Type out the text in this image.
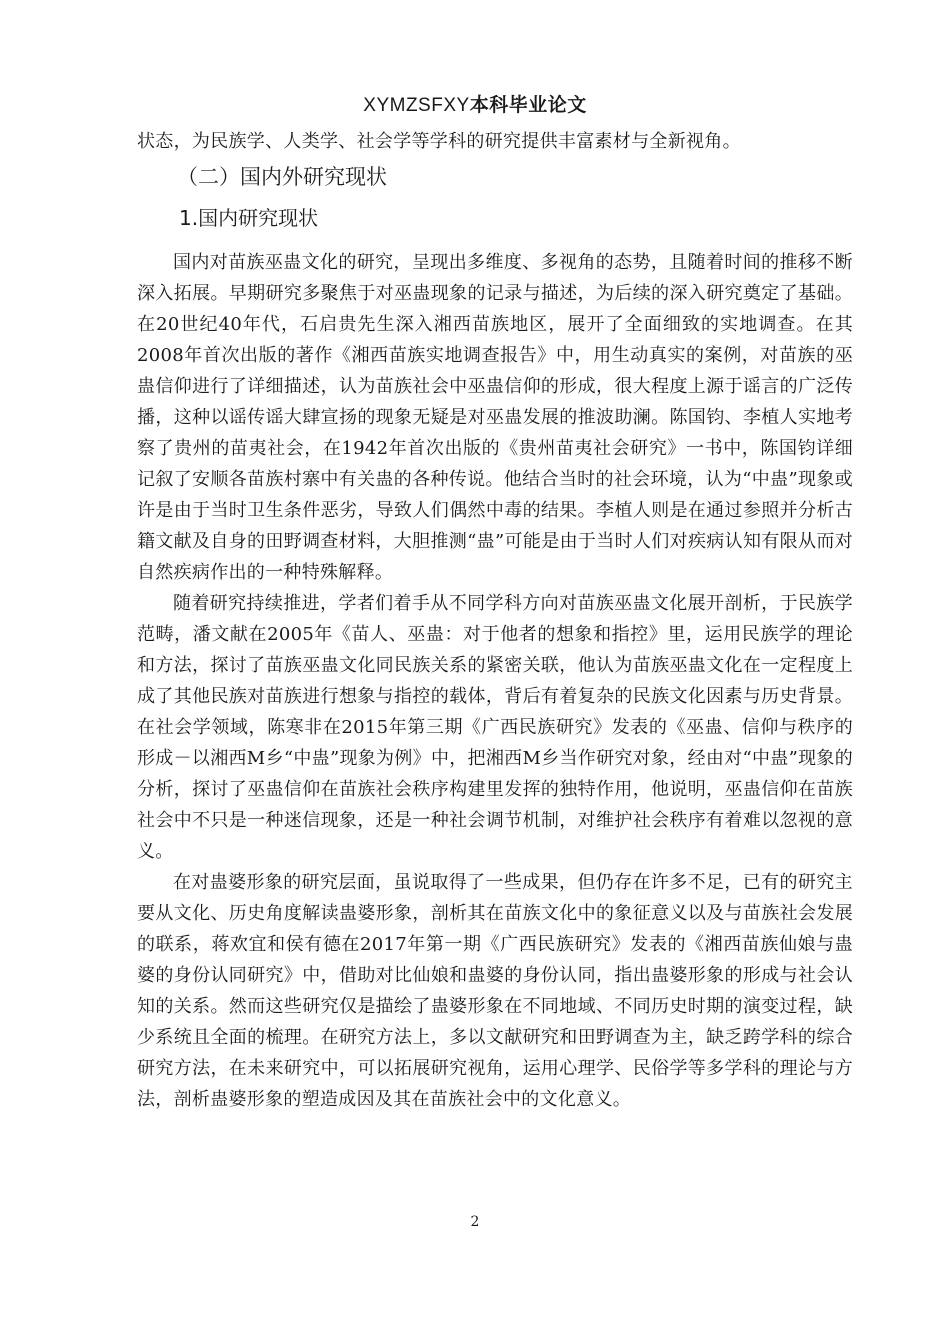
XYMZSFXY本科毕业论文

状态，为民族学、人类学、社会学等学科的研究提供丰富素材与全新视角。

（二）国内外研究现状
1.国内研究现状

国内对苗族巫蛊文化的研究，呈现出多维度、多视角的态势，且随着时间的推移不断深入拓展。早期研究多聚焦于对巫蛊现象的记录与描述，为后续的深入研究奠定了基础。在20世纪40年代，石启贵先生深入湘西苗族地区，展开了全面细致的实地调查。在其2008年首次出版的著作《湘西苗族实地调查报告》中，用生动真实的案例，对苗族的巫蛊信仰进行了详细描述，认为苗族社会中巫蛊信仰的形成，很大程度上源于谣言的广泛传播，这种以谣传谣大肆宣扬的现象无疑是对巫蛊发展的推波助澜。陈国钧、李植人实地考察了贵州的苗夷社会，在1942年首次出版的《贵州苗夷社会研究》一书中，陈国钧详细记叙了安顺各苗族村寨中有关蛊的各种传说。他结合当时的社会环境，认为“中蛊”现象或许是由于当时卫生条件恶劣，导致人们偶然中毒的结果。李植人则是在通过参照并分析古籍文献及自身的田野调查材料，大胆推测“蛊”可能是由于当时人们对疾病认知有限从而对自然疾病作出的一种特殊解释。

随着研究持续推进，学者们着手从不同学科方向对苗族巫蛊文化展开剖析，于民族学范畴，潘文献在2005年《苗人、巫蛊：对于他者的想象和指控》里，运用民族学的理论和方法，探讨了苗族巫蛊文化同民族关系的紧密关联，他认为苗族巫蛊文化在一定程度上成了其他民族对苗族进行想象与指控的载体，背后有着复杂的民族文化因素与历史背景。在社会学领域，陈寒非在2015年第三期《广西民族研究》发表的《巫蛊、信仰与秩序的形成－以湘西M乡“中蛊”现象为例》中，把湘西M乡当作研究对象，经由对“中蛊”现象的分析，探讨了巫蛊信仰在苗族社会秩序构建里发挥的独特作用，他说明，巫蛊信仰在苗族社会中不只是一种迷信现象，还是一种社会调节机制，对维护社会秩序有着难以忽视的意义。

在对蛊婆形象的研究层面，虽说取得了一些成果，但仍存在许多不足，已有的研究主要从文化、历史角度解读蛊婆形象，剖析其在苗族文化中的象征意义以及与苗族社会发展的联系，蒋欢宜和侯有德在2017年第一期《广西民族研究》发表的《湘西苗族仙娘与蛊婆的身份认同研究》中，借助对比仙娘和蛊婆的身份认同，指出蛊婆形象的形成与社会认知的关系。然而这些研究仅是描绘了蛊婆形象在不同地域、不同历史时期的演变过程，缺少系统且全面的梳理。在研究方法上，多以文献研究和田野调查为主，缺乏跨学科的综合研究方法，在未来研究中，可以拓展研究视角，运用心理学、民俗学等多学科的理论与方法，剖析蛊婆形象的塑造成因及其在苗族社会中的文化意义。

2
